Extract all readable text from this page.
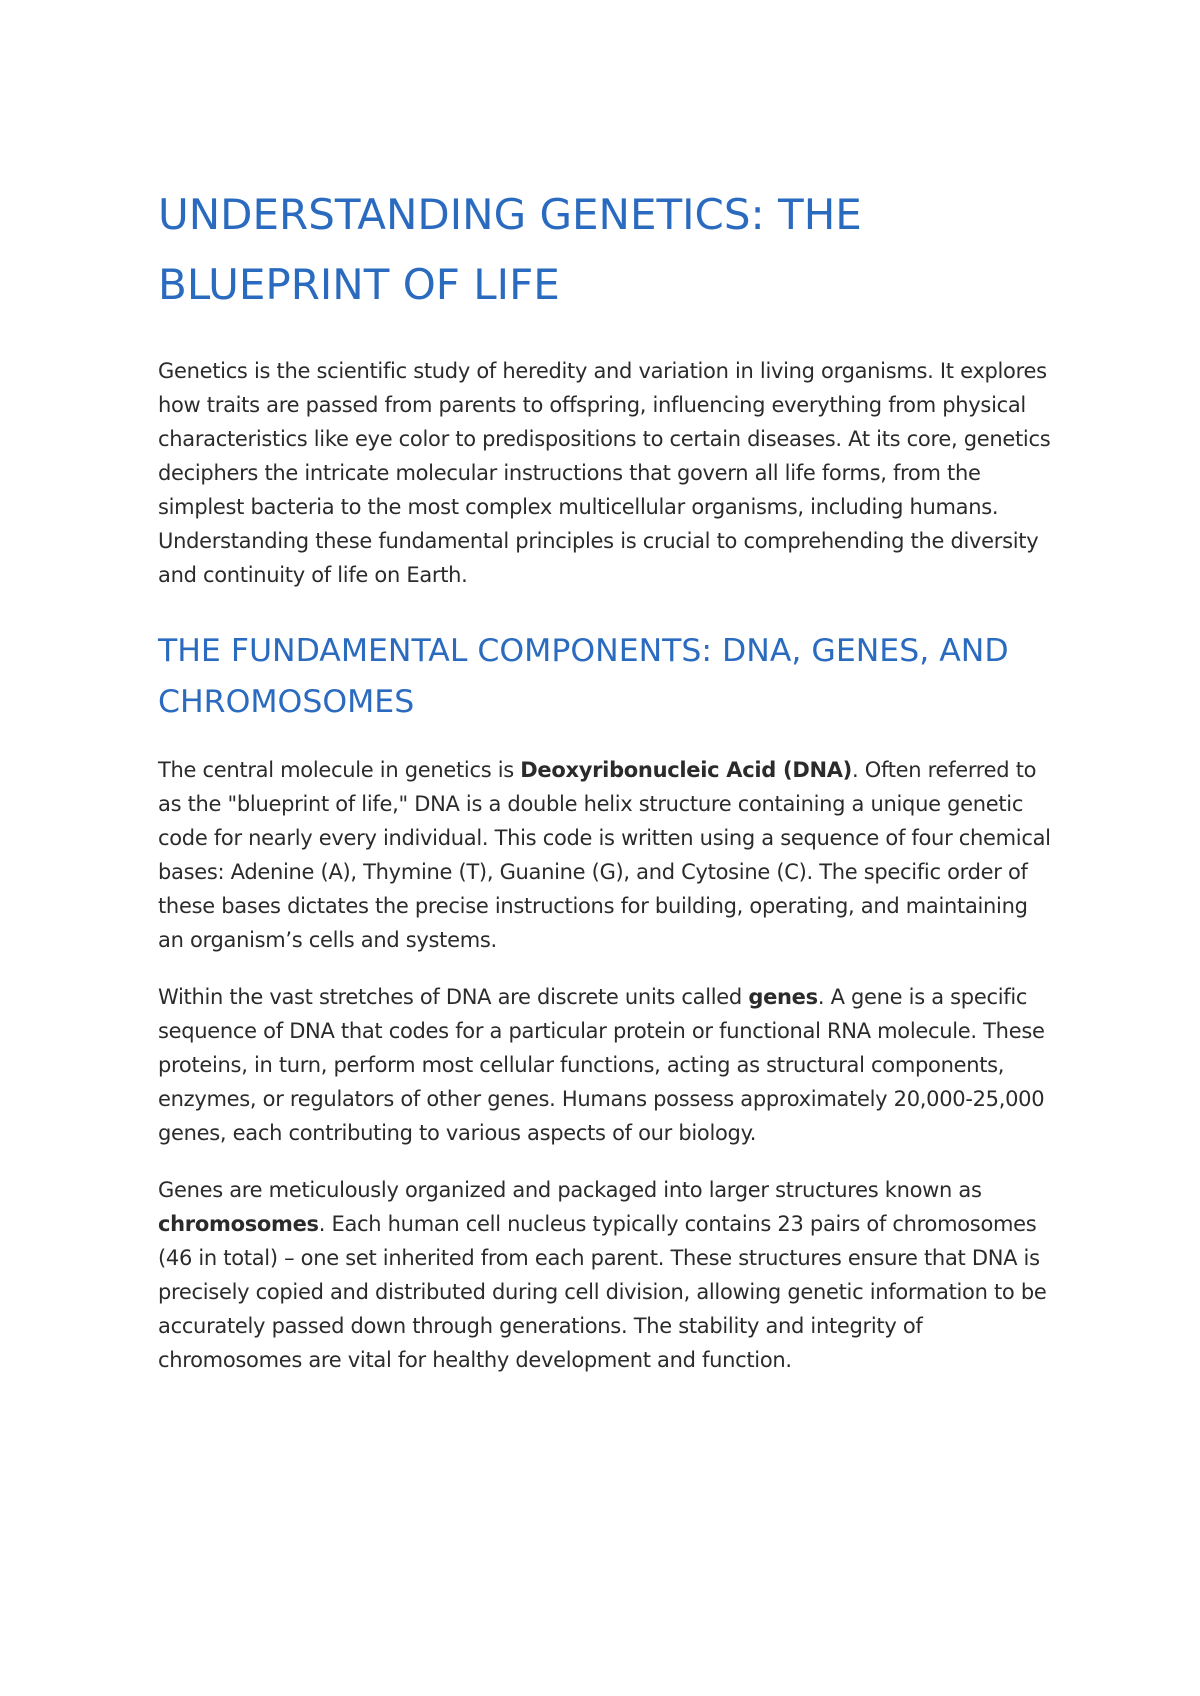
UNDERSTANDING GENETICS: THE BLUEPRINT OF LIFE

Genetics is the scientific study of heredity and variation in living organisms. It explores how traits are passed from parents to offspring, influencing everything from physical characteristics like eye color to predispositions to certain diseases. At its core, genetics deciphers the intricate molecular instructions that govern all life forms, from the simplest bacteria to the most complex multicellular organisms, including humans. Understanding these fundamental principles is crucial to comprehending the diversity and continuity of life on Earth.

THE FUNDAMENTAL COMPONENTS: DNA, GENES, AND CHROMOSOMES

The central molecule in genetics is Deoxyribonucleic Acid (DNA). Often referred to as the "blueprint of life," DNA is a double helix structure containing a unique genetic code for nearly every individual. This code is written using a sequence of four chemical bases: Adenine (A), Thymine (T), Guanine (G), and Cytosine (C). The specific order of these bases dictates the precise instructions for building, operating, and maintaining an organism’s cells and systems.

Within the vast stretches of DNA are discrete units called genes. A gene is a specific sequence of DNA that codes for a particular protein or functional RNA molecule. These proteins, in turn, perform most cellular functions, acting as structural components, enzymes, or regulators of other genes. Humans possess approximately 20,000-25,000 genes, each contributing to various aspects of our biology.

Genes are meticulously organized and packaged into larger structures known as chromosomes. Each human cell nucleus typically contains 23 pairs of chromosomes (46 in total) – one set inherited from each parent. These structures ensure that DNA is precisely copied and distributed during cell division, allowing genetic information to be accurately passed down through generations. The stability and integrity of chromosomes are vital for healthy development and function.
